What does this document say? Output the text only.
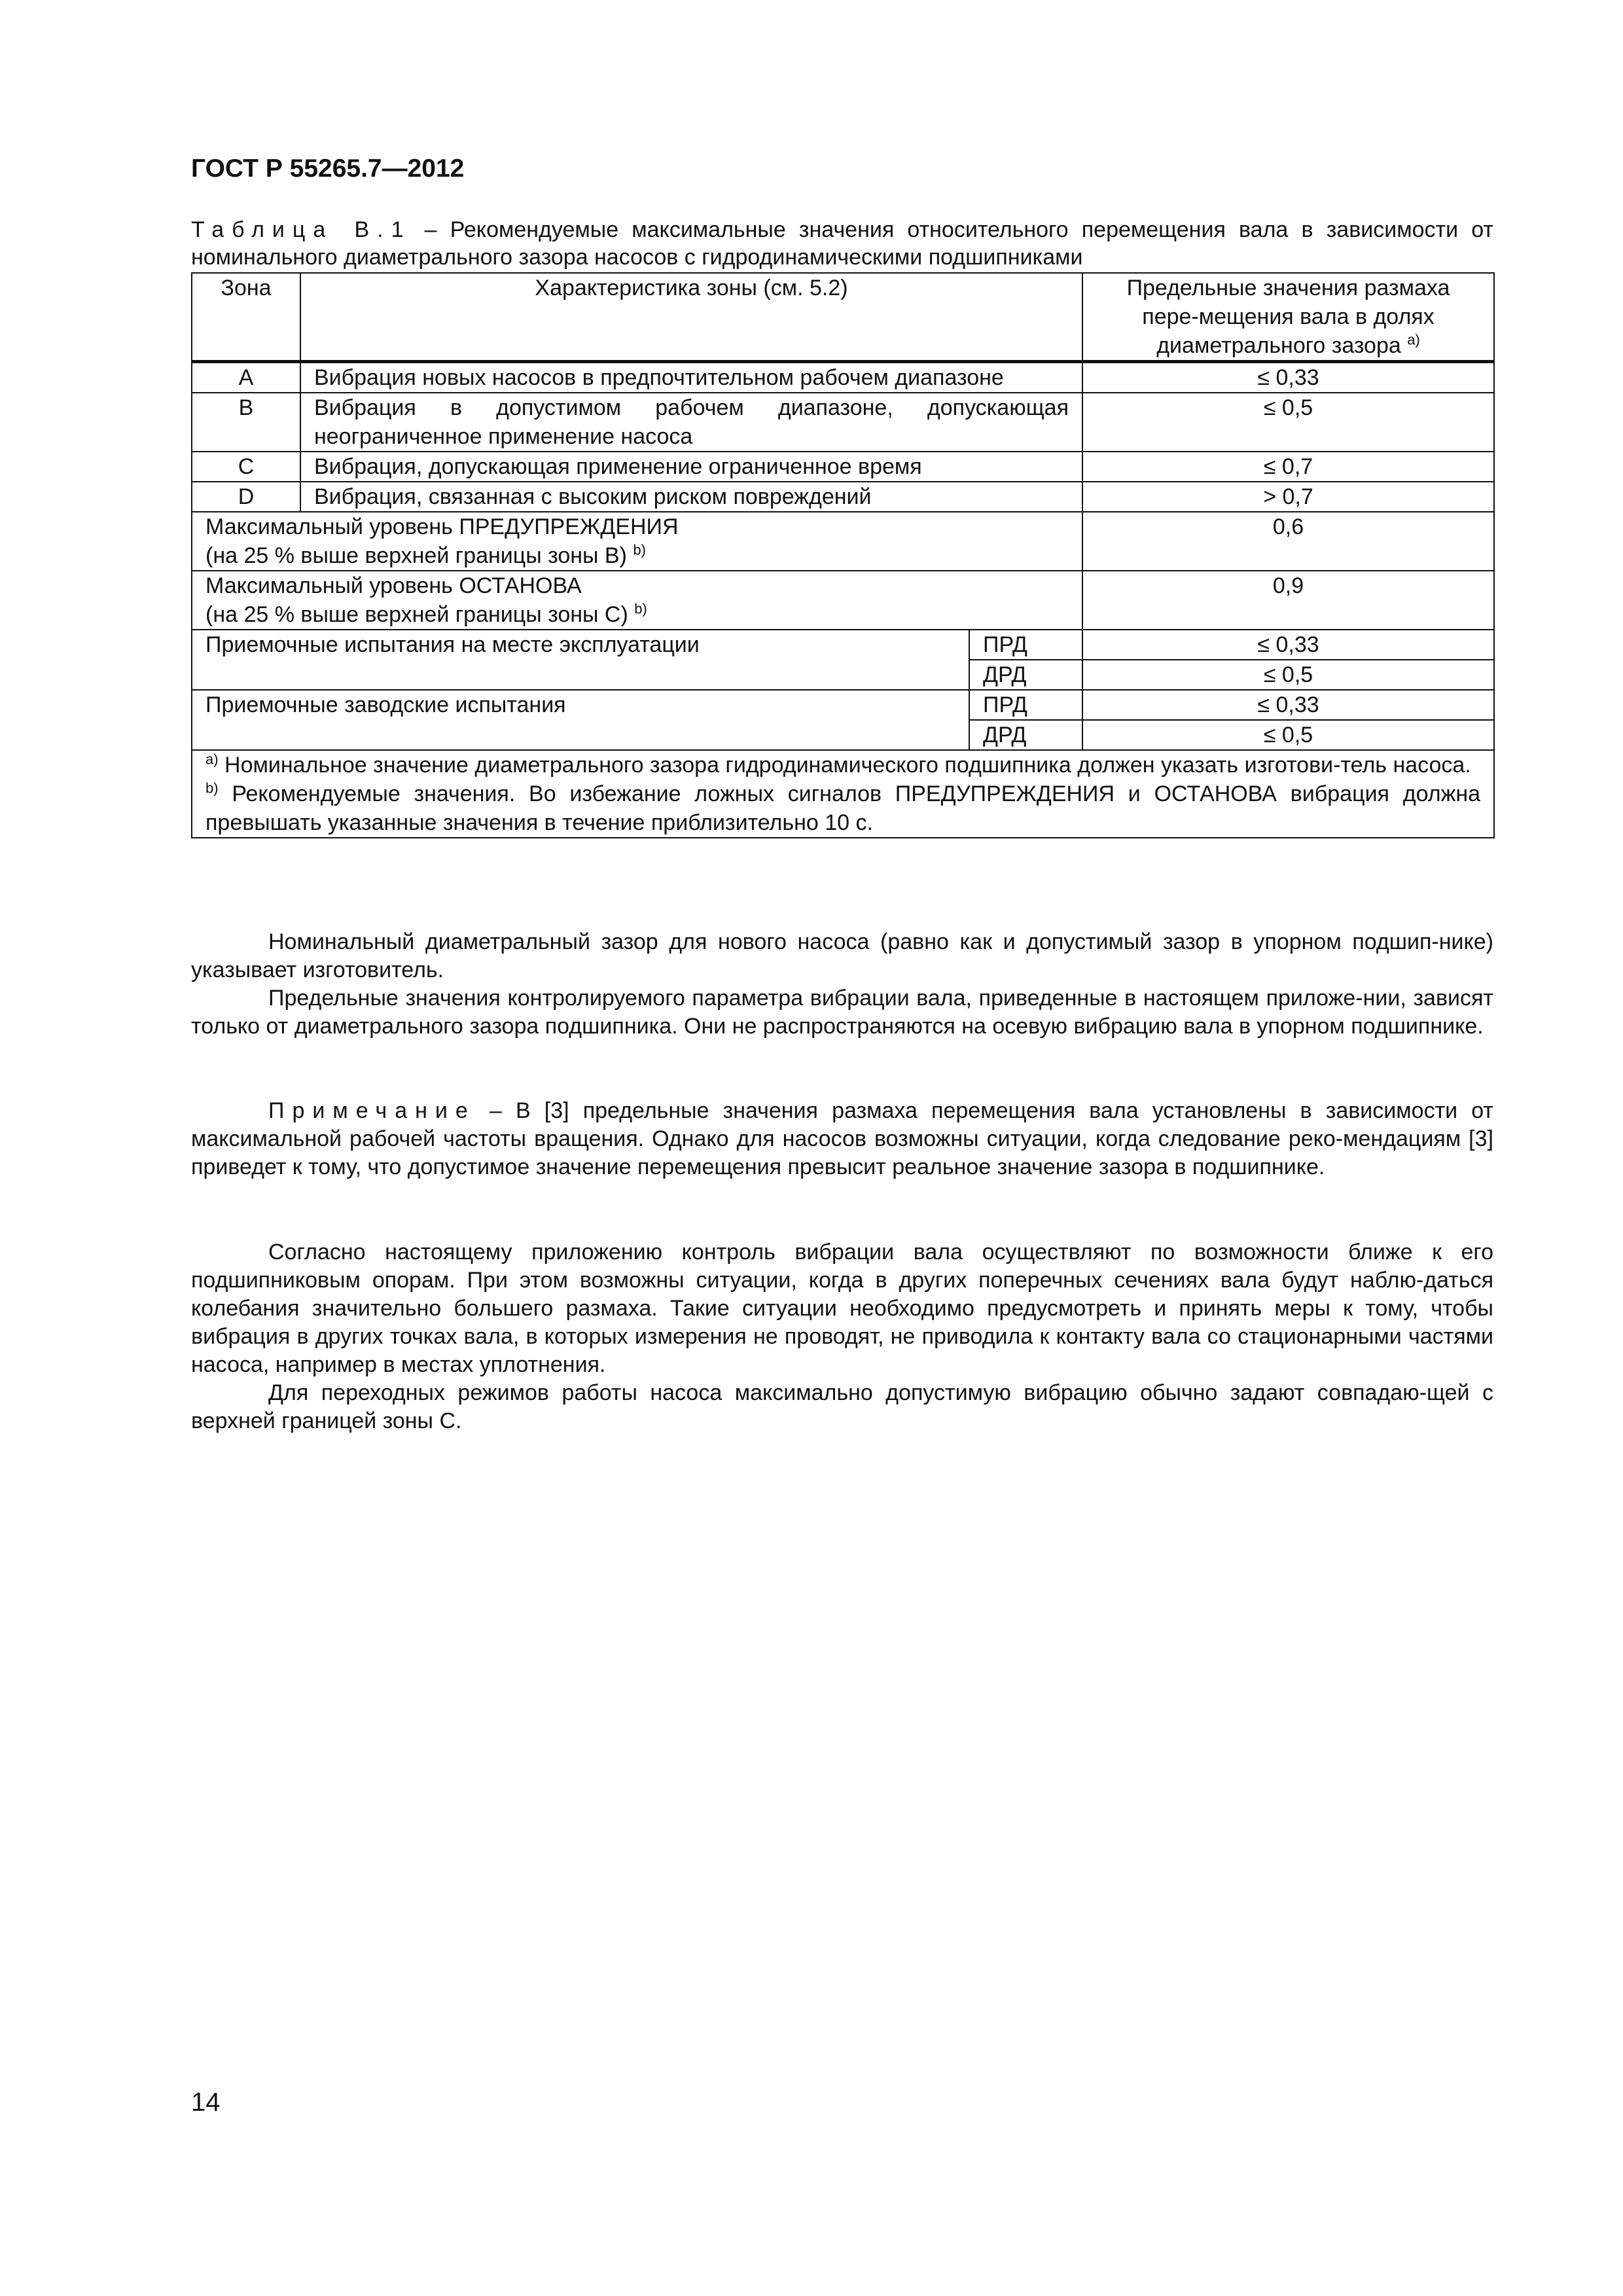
ГОСТ Р 55265.7—2012
Таблица В.1 – Рекомендуемые максимальные значения относительного перемещения вала в зависимости от номинального диаметрального зазора насосов с гидродинамическими подшипниками
Зона	Характеристика зоны (см. 5.2)		Предельные значения размаха пере-мещения вала в долях диаметрального зазора $^{а)}$
А	Вибрация новых насосов в предпочтительном рабочем диапазоне		≤ 0,33
В	Вибрация в допустимом рабочем диапазоне, допускающая неограниченное применение насоса		≤ 0,5
С	Вибрация, допускающая применение ограниченное время		≤ 0,7
D	Вибрация, связанная с высоким риском повреждений		> 0,7
Максимальный уровень ПРЕДУПРЕЖДЕНИЯ
(на 25 % выше верхней границы зоны В) $^{b)}$			0,6
Максимальный уровень ОСТАНОВА
(на 25 % выше верхней границы зоны С) $^{b)}$			0,9
Приемочные испытания на месте эксплуатации		ПРД	≤ 0,33
		ДРД	≤ 0,5
Приемочные заводские испытания		ПРД	≤ 0,33
		ДРД	≤ 0,5

$^{а)}$ Номинальное значение диаметрального зазора гидродинамического подшипника должен указать изготови-тель насоса.
$^{b)}$ Рекомендуемые значения. Во избежание ложных сигналов ПРЕДУПРЕЖДЕНИЯ и ОСТАНОВА вибрация должна превышать указанные значения в течение приблизительно 10 с.			

Номинальный диаметральный зазор для нового насоса (равно как и допустимый зазор в упорном подшип-нике) указывает изготовитель.

Предельные значения контролируемого параметра вибрации вала, приведенные в настоящем приложе-нии, зависят только от диаметрального зазора подшипника. Они не распространяются на осевую вибрацию вала в упорном подшипнике.

Примечание – В [3] предельные значения размаха перемещения вала установлены в зависимости от максимальной рабочей частоты вращения. Однако для насосов возможны ситуации, когда следование реко-мендациям [3] приведет к тому, что допустимое значение перемещения превысит реальное значение зазора в подшипнике.

Согласно настоящему приложению контроль вибрации вала осуществляют по возможности ближе к его подшипниковым опорам. При этом возможны ситуации, когда в других поперечных сечениях вала будут наблю-даться колебания значительно большего размаха. Такие ситуации необходимо предусмотреть и принять меры к тому, чтобы вибрация в других точках вала, в которых измерения не проводят, не приводила к контакту вала со стационарными частями насоса, например в местах уплотнения.

Для переходных режимов работы насоса максимально допустимую вибрацию обычно задают совпадаю-щей с верхней границей зоны С.

14
